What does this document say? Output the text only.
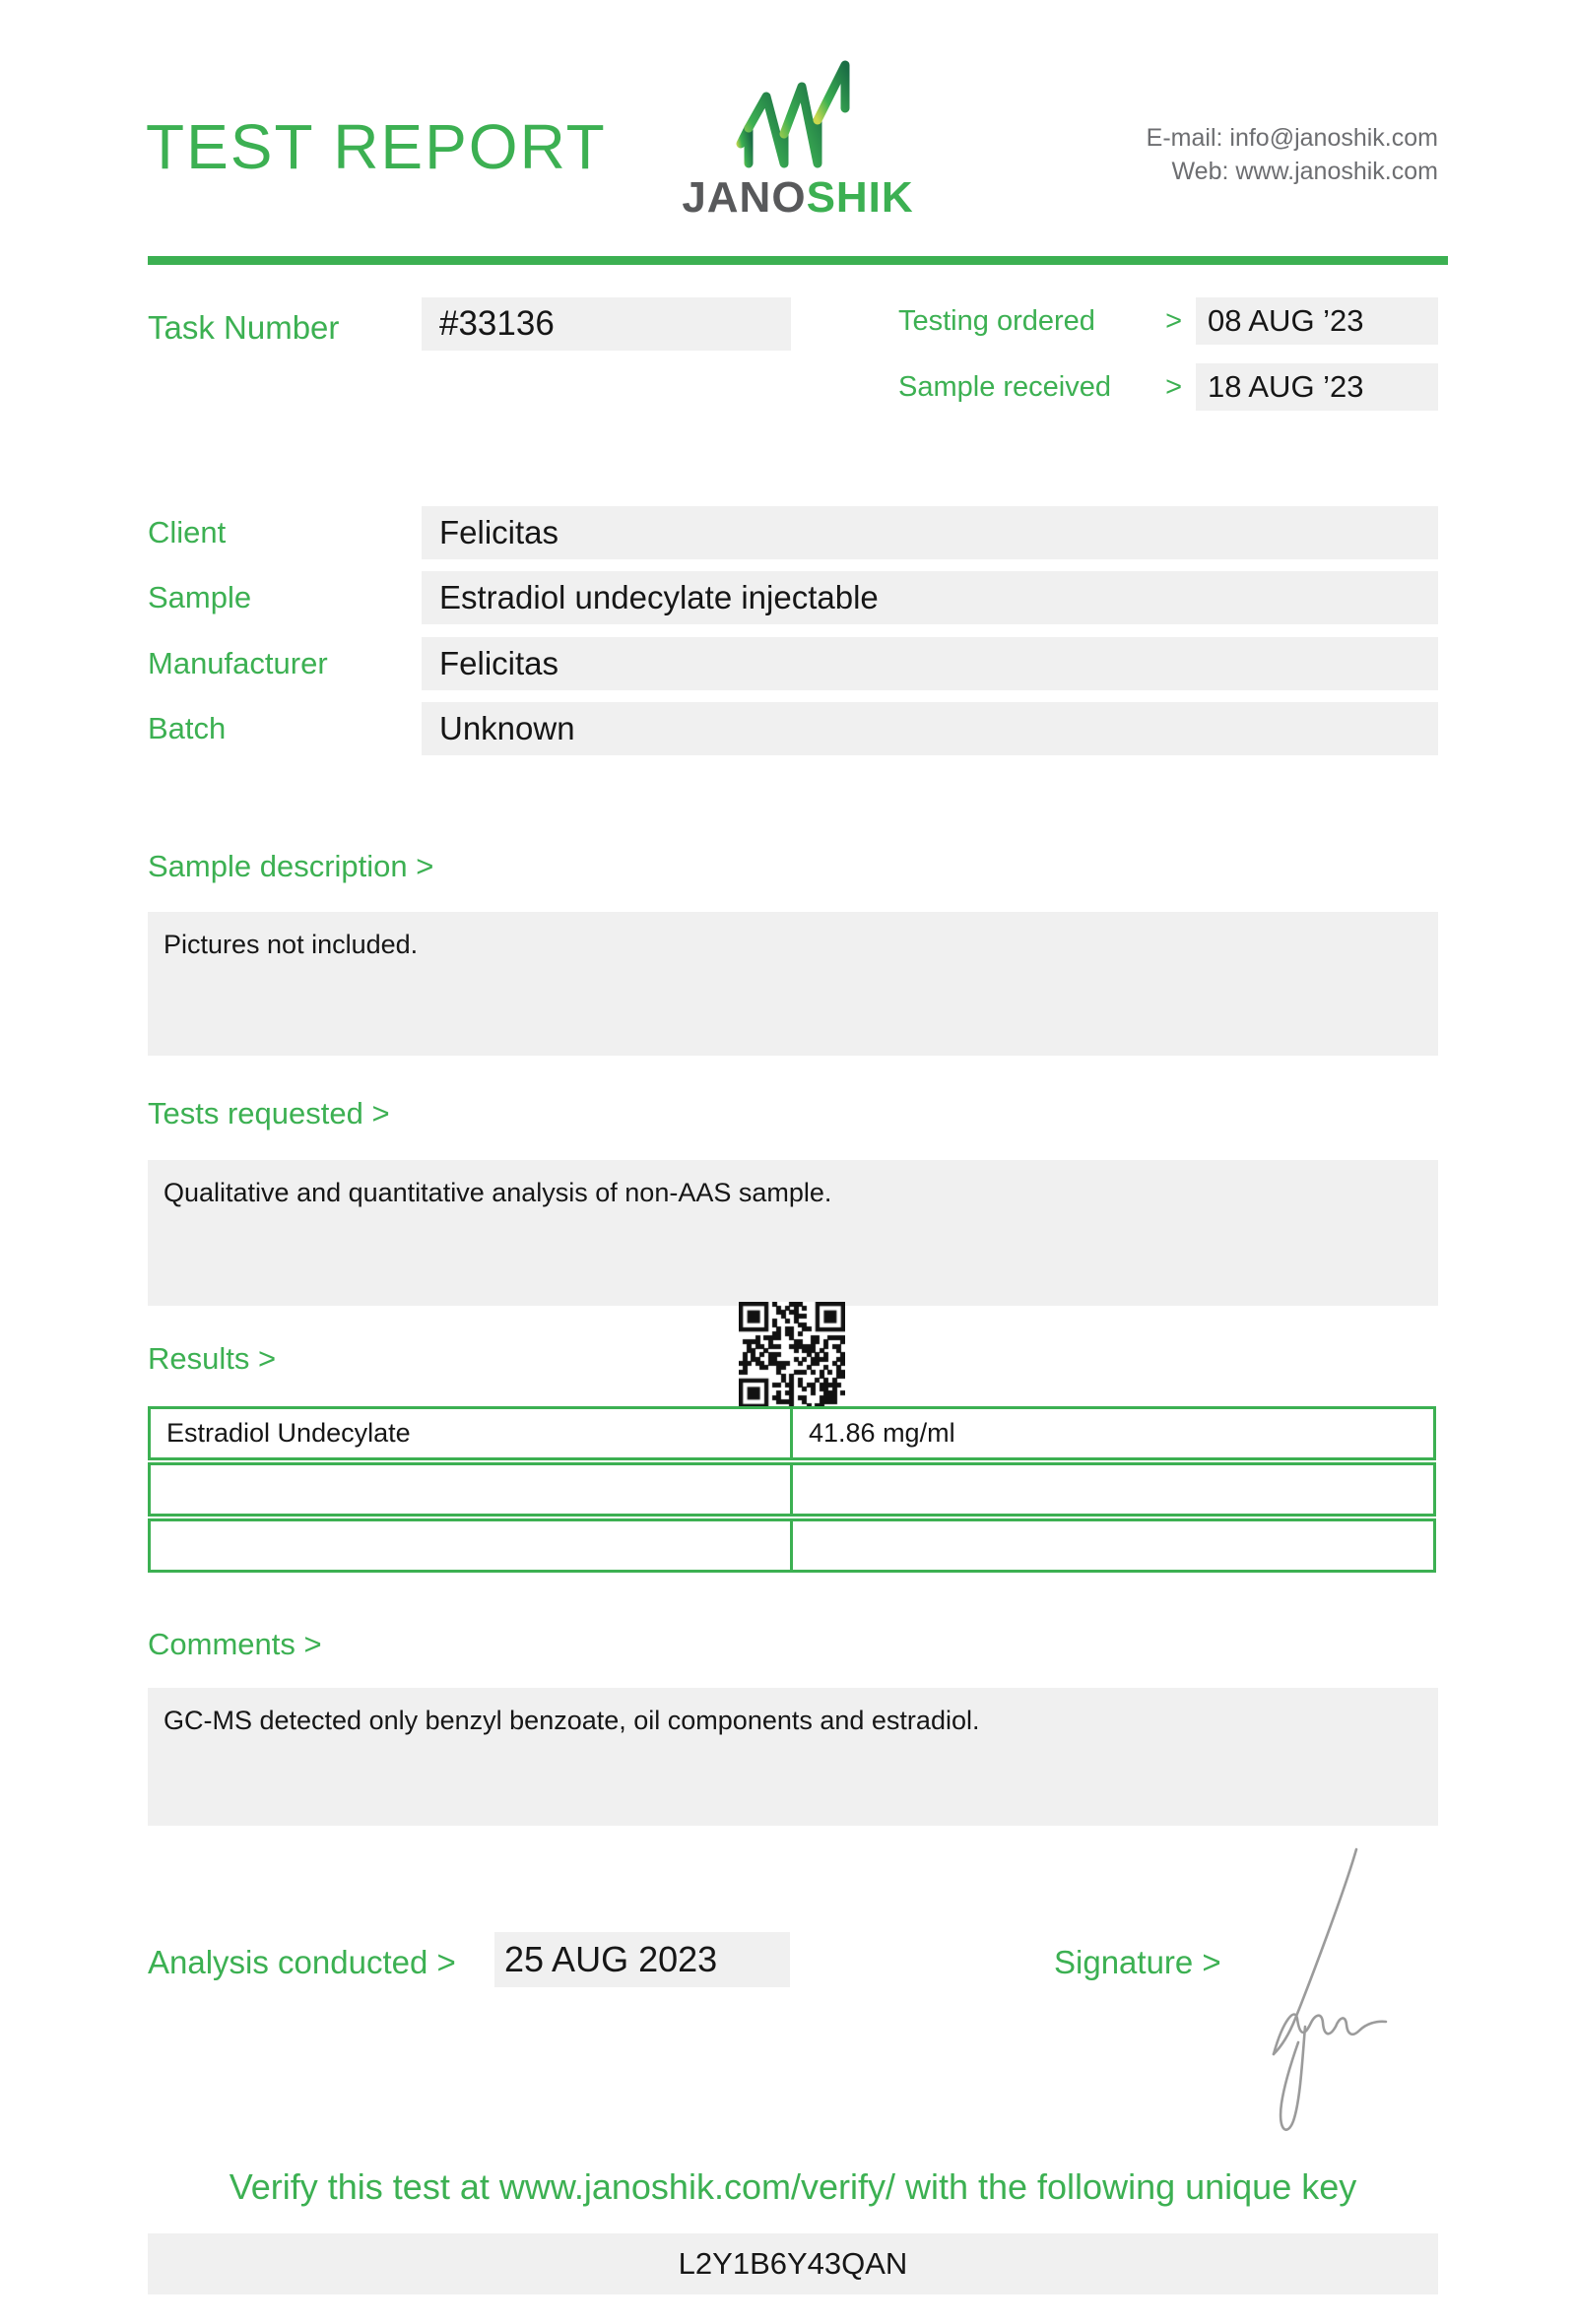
TEST REPORT
JANOSHIK
E-mail: info@janoshik.com
Web: www.janoshik.com
Task Number	#33136	Testing ordered > 08 AUG ’23
Sample received > 18 AUG ’23
Client	Felicitas
Sample	Estradiol undecylate injectable
Manufacturer	Felicitas
Batch	Unknown
Sample description >
Pictures not included.
Tests requested >
Qualitative and quantitative analysis of non-AAS sample.
Results >
Estradiol Undecylate	41.86 mg/ml
Comments >
GC-MS detected only benzyl benzoate, oil components and estradiol.
Analysis conducted > 25 AUG 2023	Signature >
Verify this test at www.janoshik.com/verify/ with the following unique key
L2Y1B6Y43QAN
